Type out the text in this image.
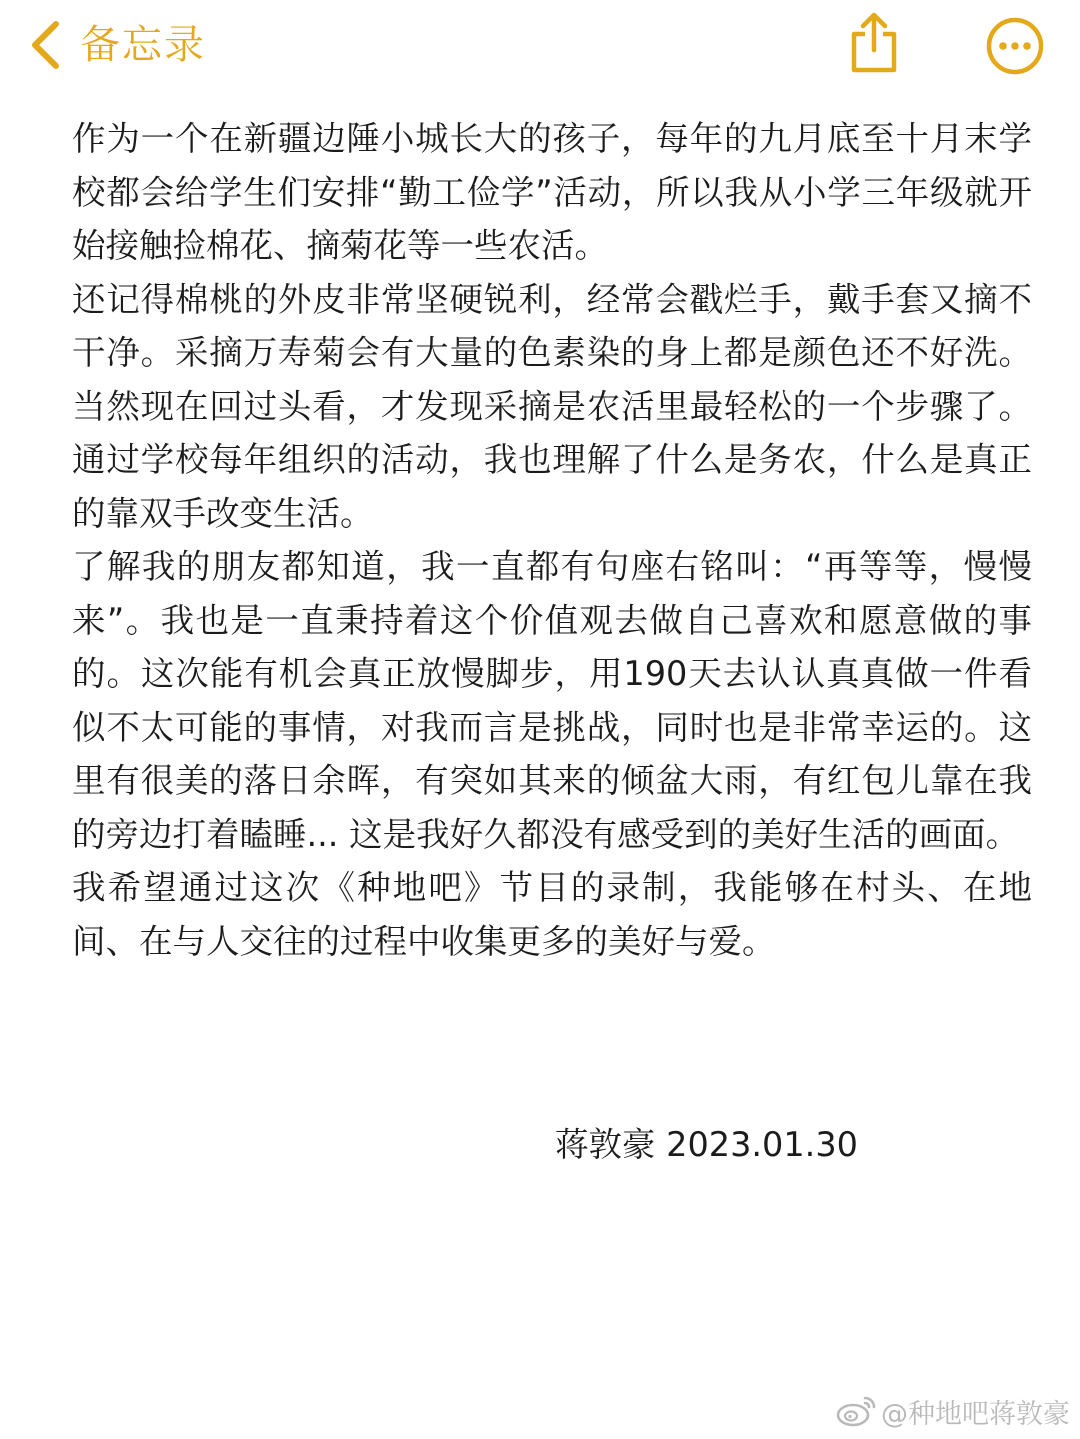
备忘录

作为一个在新疆边陲小城长大的孩子，每年的九月底至十月末学校都会给学生们安排“勤工俭学”活动，所以我从小学三年级就开始接触捡棉花、摘菊花等一些农活。

还记得棉桃的外皮非常坚硬锐利，经常会戳烂手，戴手套又摘不干净。采摘万寿菊会有大量的色素染的身上都是颜色还不好洗。当然现在回过头看，才发现采摘是农活里最轻松的一个步骤了。通过学校每年组织的活动，我也理解了什么是务农，什么是真正的靠双手改变生活。

了解我的朋友都知道，我一直都有句座右铭叫：“再等等，慢慢来”。我也是一直秉持着这个价值观去做自己喜欢和愿意做的事的。这次能有机会真正放慢脚步，用190天去认认真真做一件看似不太可能的事情，对我而言是挑战，同时也是非常幸运的。这里有很美的落日余晖，有突如其来的倾盆大雨，有红包儿靠在我的旁边打着瞌睡... 这是我好久都没有感受到的美好生活的画面。

我希望通过这次《种地吧》节目的录制，我能够在村头、在地间、在与人交往的过程中收集更多的美好与爱。

蒋敦豪 2023.01.30
@种地吧蒋敦豪
